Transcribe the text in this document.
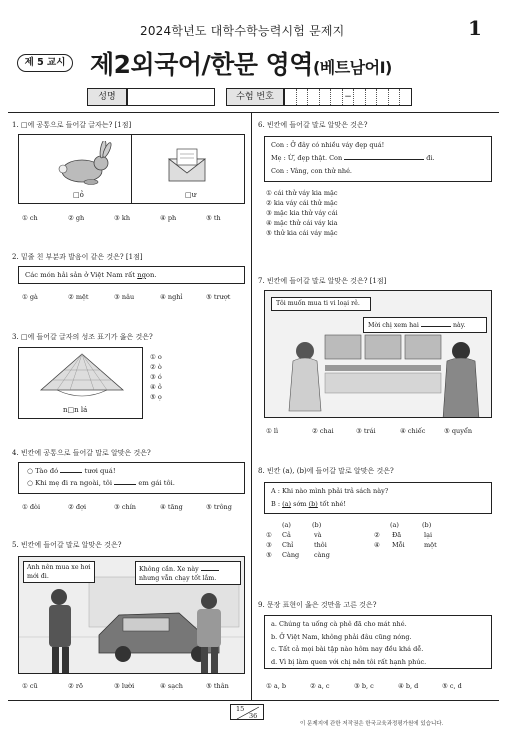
2024학년도 대학수학능력시험 문제지	1
제 5 교시 제2외국어/한문 영역(베트남어Ⅰ)
성명	수험 번호	−
1. □에 공통으로 들어갈 글자는? [1점]
□ỏ	□ư
① ch	② gh	③ kh	④ ph	⑤ th
2. 밑줄 친 부분과 발음이 같은 것은? [1점]
Các món hải sản ở Việt Nam rất ngon.
① gà	② mệt	③ nâu	④ nghỉ	⑤ trượt
3. □에 들어갈 글자의 성조 표기가 옳은 것은?
n□n lá
① o
② ò
③ ó
④ ỏ
⑤ ọ
4. 빈칸에 공통으로 들어갈 말로 알맞은 것은?
○ Tào đó	tươi quá!
○ Khi mẹ đi ra ngoài, tôi	em gái tôi.
① đòi	② đợi	③ chín	④ tăng	⑤ trông
5. 빈칸에 들어갈 말로 알맞은 것은?
Anh nên mua xe hơi mới đi.
Không cần. Xe này  nhưng vẫn chạy tốt lắm.
① cũ	② rõ	③ lười	④ sạch	⑤ thân
6. 빈칸에 들어갈 말로 알맞은 것은?
Con : Ở đây có nhiều váy đẹp quá!
Mẹ : Ừ, đẹp thật. Con	đi.
Con : Vâng, con thử nhé.
① cái thử váy kia mặc
② kia váy cái thử mặc
③ mặc kia thử váy cái
④ mặc thử cái váy kia
⑤ thử kia cái váy mặc
7. 빈칸에 들어갈 말로 알맞은 것은? [1점]
Tôi muốn mua ti vi loại rẻ.
Mời chị xem hai	này.
① lì	② chai	③ trái	④ chiếc	⑤ quyển
8. 빈칸 (a), (b)에 들어갈 말로 알맞은 것은?
A : Khi nào mình phải trả sách này?
B : (a) sớm (b) tốt nhé!
(a)	(b)	(a)	(b)
① Cả	và	② Đã	lại
③ Chỉ	thôi	④ Mỗi	một
⑤ Càng càng
9. 문장 표현이 옳은 것만을 고른 것은?
a. Chúng ta uống cà phê đã cho mát nhé.
b. Ở Việt Nam, không phải đâu cũng nóng.
c. Tất cả mọi bài tập nào hôm nay đều khá dễ.
d. Vì bị làm quen với chị nên tôi rất hạnh phúc.
① a, b	② a, c	③ b, c	④ b, d	⑤ c, d
15
36
이 문제지에 관한 저작권은 한국교육과정평가원에 있습니다.
